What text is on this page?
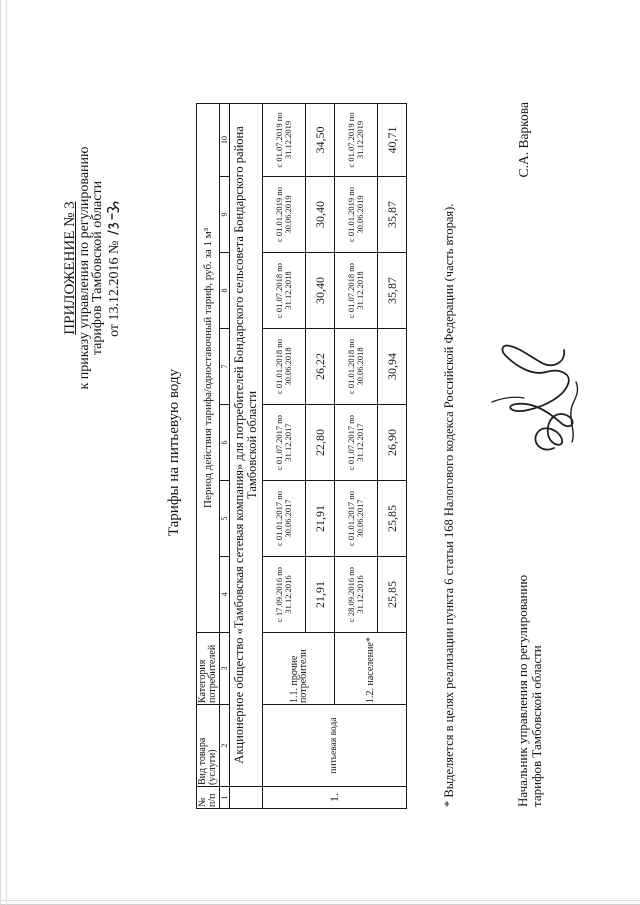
ПРИЛОЖЕНИЕ № 3 к приказу управления по регулированию
тарифов Тамбовской области от 13.12.2016 №
Тарифы на питьевую воду
№ п/п	Вид товара (услуги)	Категория потребителей	Период действия тарифа/одноставочный тариф, руб. за 1 м³						
1	2	3	4	5	6	7	8	9	10
	Акционерное общество «Тамбовская сетевая компания» для потребителей Бондарского сельсовета Бондарского района Тамбовской области								
1.	питьевая вода	1.1. прочие потребители	с 17.09.2016 по 31.12.2016	с 01.01.2017 по 30.06.2017	с 01.07.2017 по 31.12.2017	с 01.01.2018 по 30.06.2018	с 01.07.2018 по 31.12.2018	с 01.01.2019 по 30.06.2019	с 01.07.2019 по 31.12.2019
			21,91	21,91	22,80	26,22	30,40	30,40	34,50
		1.2. население*	с 28.09.2016 по 31.12.2016	с 01.01.2017 по 30.06.2017	с 01.07.2017 по 31.12.2017	с 01.01.2018 по 30.06.2018	с 01.07.2018 по 31.12.2018	с 01.01.2019 по 30.06.2019	с 01.07.2019 по 31.12.2019
			25,85	25,85	26,90	30,94	35,87	35,87	40,71
* Выделяется в целях реализации пункта 6 статьи 168 Налогового кодекса Российской Федерации (часть вторая).	Начальник управления по регулированию тарифов Тамбовской области
С.А. Варкова
